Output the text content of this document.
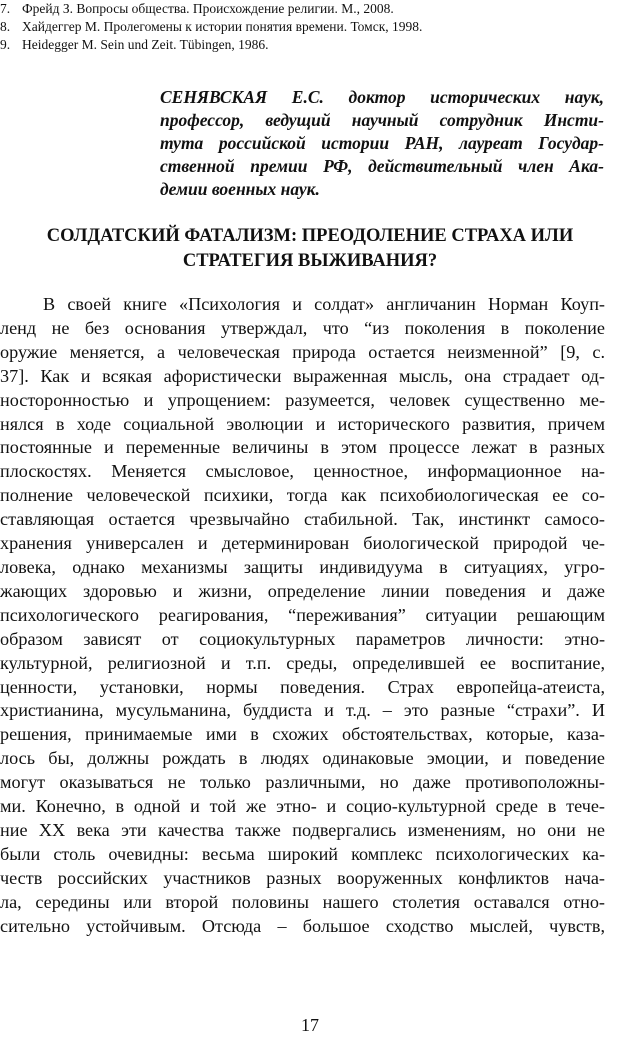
7. Фрейд З. Вопросы общества. Происхождение религии. М., 2008.
8. Хайдеггер М. Пролегомены к истории понятия времени. Томск, 1998.
9. Heidegger M. Sein und Zeit. Tübingen, 1986.
СЕНЯВСКАЯ Е.С. доктор исторических наук,
профессор, ведущий научный сотрудник Инсти-
тута российской истории РАН, лауреат Государ-
ственной премии РФ, действительный член Ака-
демии военных наук.
СОЛДАТСКИЙ ФАТАЛИЗМ: ПРЕОДОЛЕНИЕ СТРАХА ИЛИ
СТРАТЕГИЯ ВЫЖИВАНИЯ?
В своей книге «Психология и солдат» англичанин Норман Коуп-
ленд не без основания утверждал, что “из поколения в поколение
оружие меняется, а человеческая природа остается неизменной” [9, с.
37]. Как и всякая афористически выраженная мысль, она страдает од-
носторонностью и упрощением: разумеется, человек существенно ме-
нялся в ходе социальной эволюции и исторического развития, причем
постоянные и переменные величины в этом процессе лежат в разных
плоскостях. Меняется смысловое, ценностное, информационное на-
полнение человеческой психики, тогда как психобиологическая ее со-
ставляющая остается чрезвычайно стабильной. Так, инстинкт самосо-
хранения универсален и детерминирован биологической природой че-
ловека, однако механизмы защиты индивидуума в ситуациях, угро-
жающих здоровью и жизни, определение линии поведения и даже
психологического реагирования, “переживания” ситуации решающим
образом зависят от социокультурных параметров личности: этно-
культурной, религиозной и т.п. среды, определившей ее воспитание,
ценности, установки, нормы поведения. Страх европейца-атеиста,
христианина, мусульманина, буддиста и т.д. – это разные “страхи”. И
решения, принимаемые ими в схожих обстоятельствах, которые, каза-
лось бы, должны рождать в людях одинаковые эмоции, и поведение
могут оказываться не только различными, но даже противоположны-
ми. Конечно, в одной и той же этно- и социо-культурной среде в тече-
ние XX века эти качества также подвергались изменениям, но они не
были столь очевидны: весьма широкий комплекс психологических ка-
честв российских участников разных вооруженных конфликтов нача-
ла, середины или второй половины нашего столетия оставался отно-
сительно устойчивым. Отсюда – большое сходство мыслей, чувств,
17
